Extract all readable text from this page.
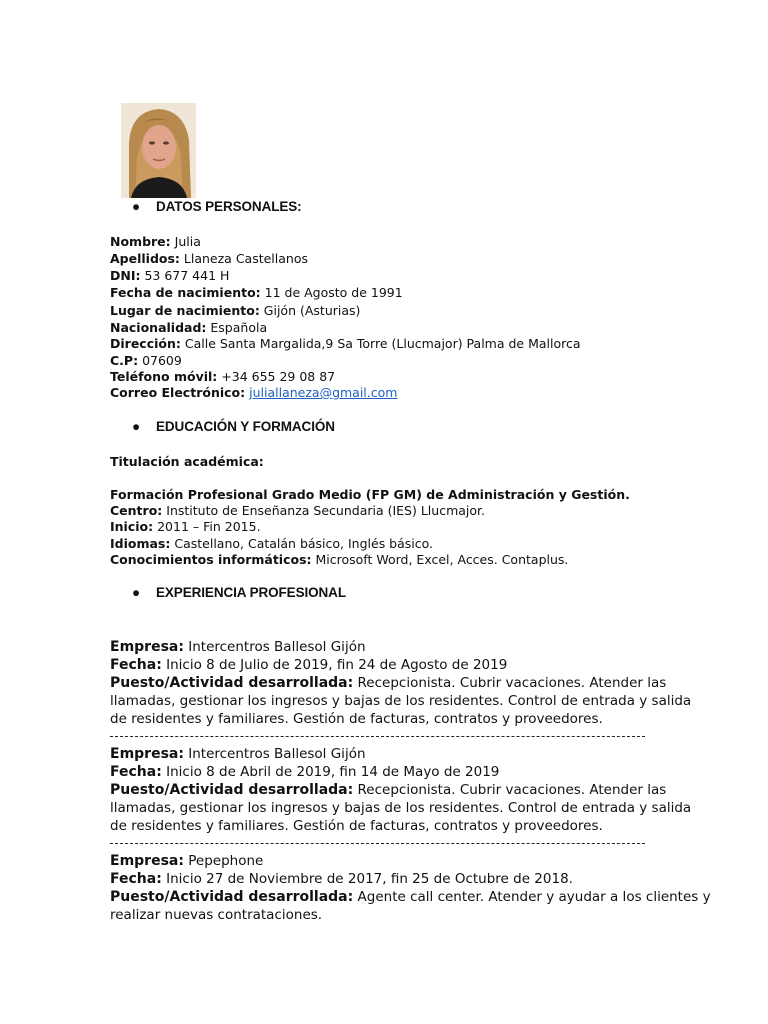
● DATOS PERSONALES:
Nombre: Julia
Apellidos: Llaneza Castellanos
DNI: 53 677 441 H
Fecha de nacimiento: 11 de Agosto de 1991
Lugar de nacimiento: Gijón (Asturias)
Nacionalidad: Española
Dirección: Calle Santa Margalida,9 Sa Torre (Llucmajor) Palma de Mallorca
C.P: 07609
Teléfono móvil: +34 655 29 08 87
Correo Electrónico: juliallaneza@gmail.com
● EDUCACIÓN Y FORMACIÓN
Titulación académica:
Formación Profesional Grado Medio (FP GM) de Administración y Gestión.
Centro: Instituto de Enseñanza Secundaria (IES) Llucmajor.
Inicio: 2011 – Fin 2015.
Idiomas: Castellano, Catalán básico, Inglés básico.
Conocimientos informáticos: Microsoft Word, Excel, Acces. Contaplus.
● EXPERIENCIA PROFESIONAL
Empresa: Intercentros Ballesol Gijón
Fecha: Inicio 8 de Julio de 2019, fin 24 de Agosto de 2019
Puesto/Actividad desarrollada: Recepcionista. Cubrir vacaciones. Atender las
llamadas, gestionar los ingresos y bajas de los residentes. Control de entrada y salida
de residentes y familiares. Gestión de facturas, contratos y proveedores.
Empresa: Intercentros Ballesol Gijón
Fecha: Inicio 8 de Abril de 2019, fin 14 de Mayo de 2019
Puesto/Actividad desarrollada: Recepcionista. Cubrir vacaciones. Atender las
llamadas, gestionar los ingresos y bajas de los residentes. Control de entrada y salida
de residentes y familiares. Gestión de facturas, contratos y proveedores.
Empresa: Pepephone
Fecha: Inicio 27 de Noviembre de 2017, fin 25 de Octubre de 2018.
Puesto/Actividad desarrollada: Agente call center. Atender y ayudar a los clientes y
realizar nuevas contrataciones.
